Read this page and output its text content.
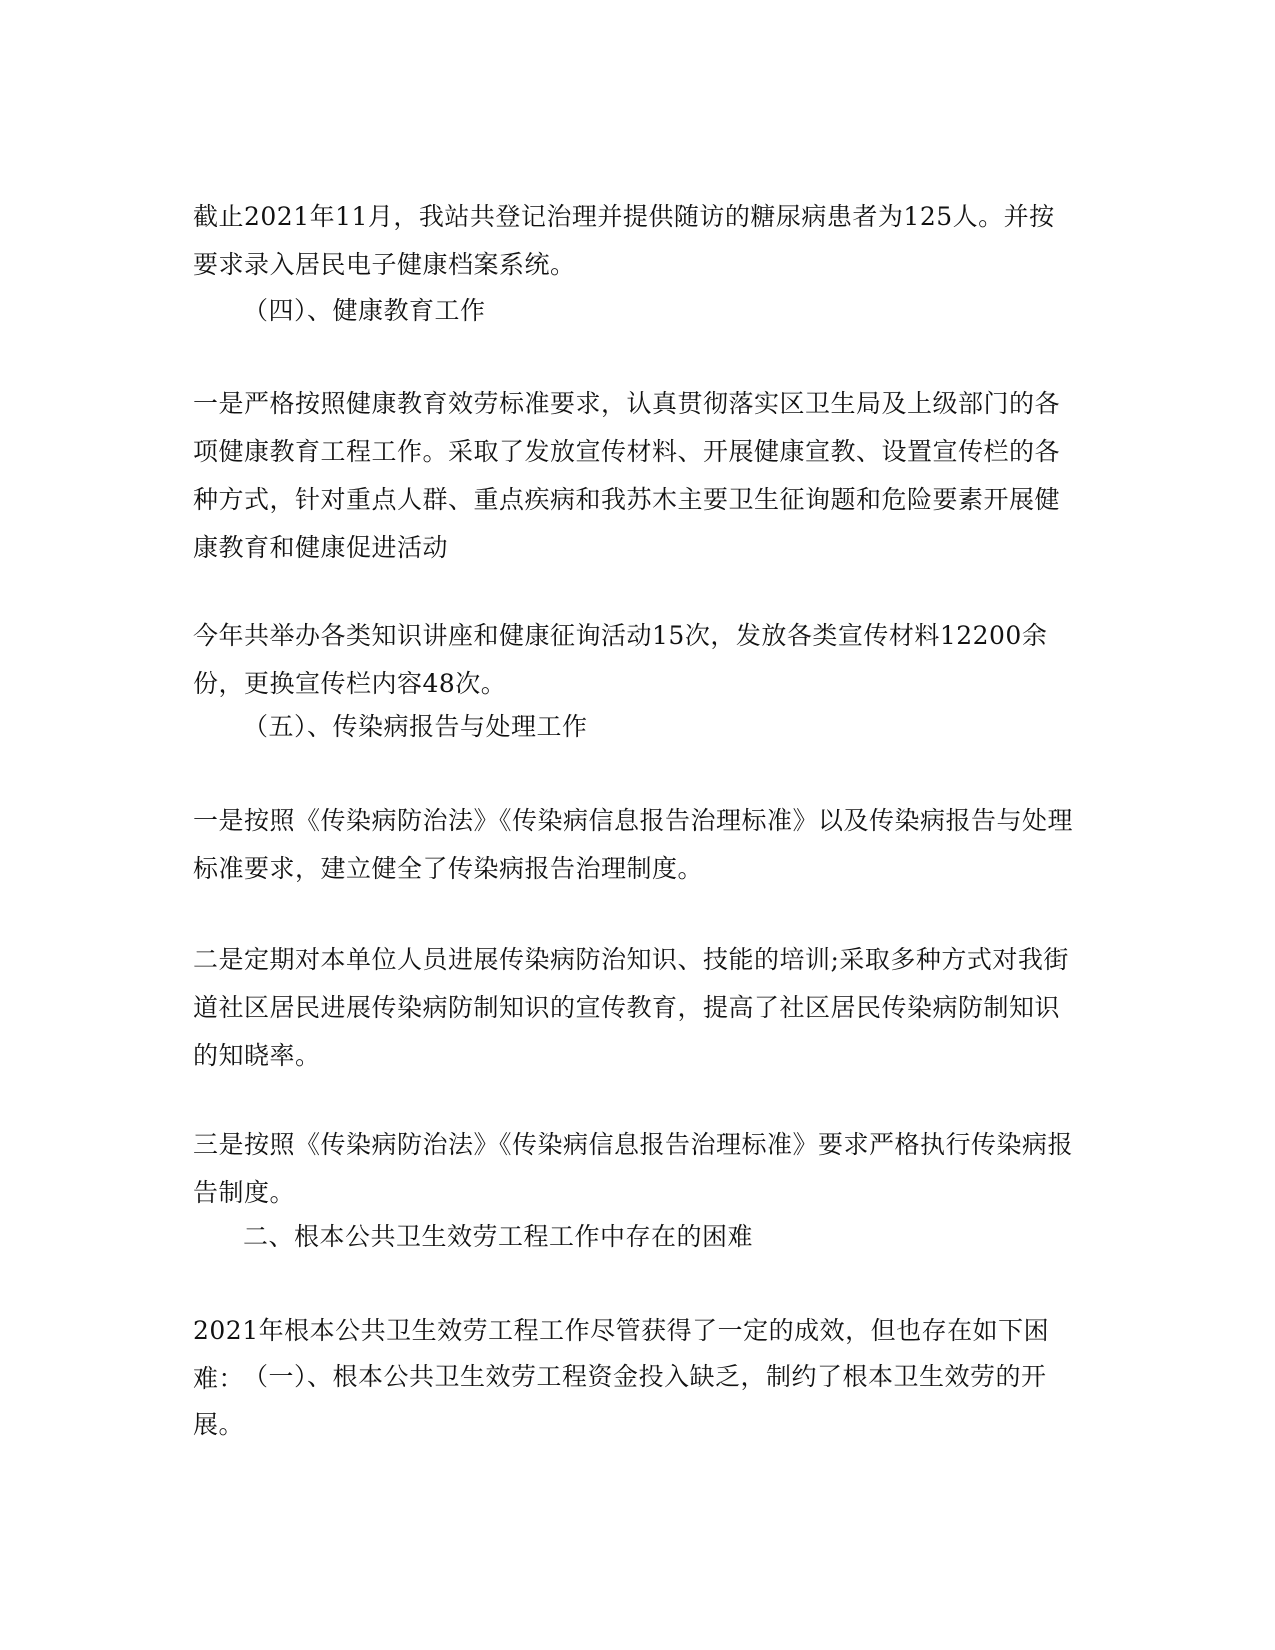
截止2021年11月，我站共登记治理并提供随访的糖尿病患者为125人。并按要求录入居民电子健康档案系统。

（四）、健康教育工作

一是严格按照健康教育效劳标准要求，认真贯彻落实区卫生局及上级部门的各项健康教育工程工作。采取了发放宣传材料、开展健康宣教、设置宣传栏的各种方式，针对重点人群、重点疾病和我苏木主要卫生征询题和危险要素开展健康教育和健康促进活动

今年共举办各类知识讲座和健康征询活动15次，发放各类宣传材料12200余份，更换宣传栏内容48次。

（五）、传染病报告与处理工作

一是按照《传染病防治法》《传染病信息报告治理标准》以及传染病报告与处理标准要求，建立健全了传染病报告治理制度。

二是定期对本单位人员进展传染病防治知识、技能的培训;采取多种方式对我街道社区居民进展传染病防制知识的宣传教育，提高了社区居民传染病防制知识的知晓率。

三是按照《传染病防治法》《传染病信息报告治理标准》要求严格执行传染病报告制度。

二、根本公共卫生效劳工程工作中存在的困难

2021年根本公共卫生效劳工程工作尽管获得了一定的成效，但也存在如下困难：

（一）、根本公共卫生效劳工程资金投入缺乏，制约了根本卫生效劳的开展。
